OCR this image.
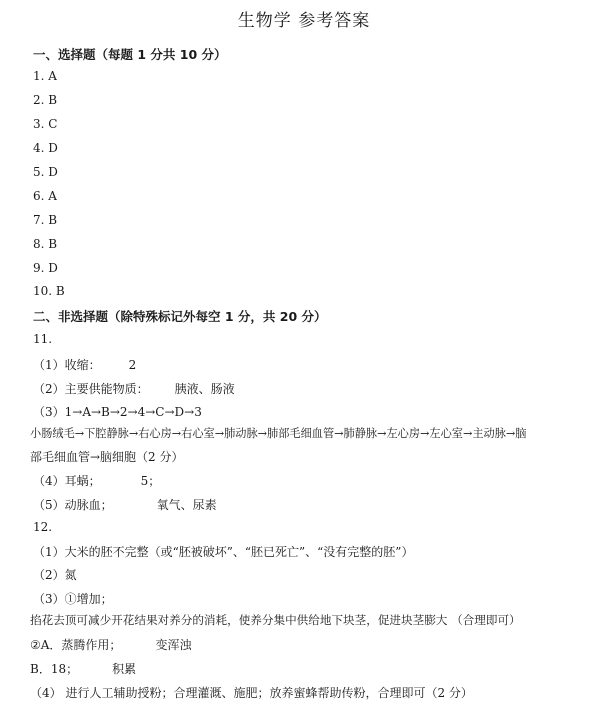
生物学 参考答案
一、选择题（每题 1 分共 10 分）
1. A
2. B
3. C
4. D
5. D
6. A
7. B
8. B
9. D
10. B
二、非选择题（除特殊标记外每空 1 分，共 20 分）
11.
（1）收缩： 2
（2）主要供能物质： 胰液、肠液
（3）1→A→B→2→4→C→D→3
小肠绒毛→下腔静脉→右心房→右心室→肺动脉→肺部毛细血管→肺静脉→左心房→左心室→主动脉→脑
部毛细血管→脑细胞（2 分）
（4）耳蜗；	5；
（5）动脉血；	氧气、尿素
12.
（1）大米的胚不完整（或“胚被破坏”、“胚已死亡”、“没有完整的胚”）
（2）氮
（3）①增加；
掐花去顶可减少开花结果对养分的消耗，使养分集中供给地下块茎，促进块茎膨大 （合理即可）
②A．蒸腾作用；	变浑浊
B．18；	积累
（4） 进行人工辅助授粉；合理灌溉、施肥；放养蜜蜂帮助传粉，合理即可（2 分）
